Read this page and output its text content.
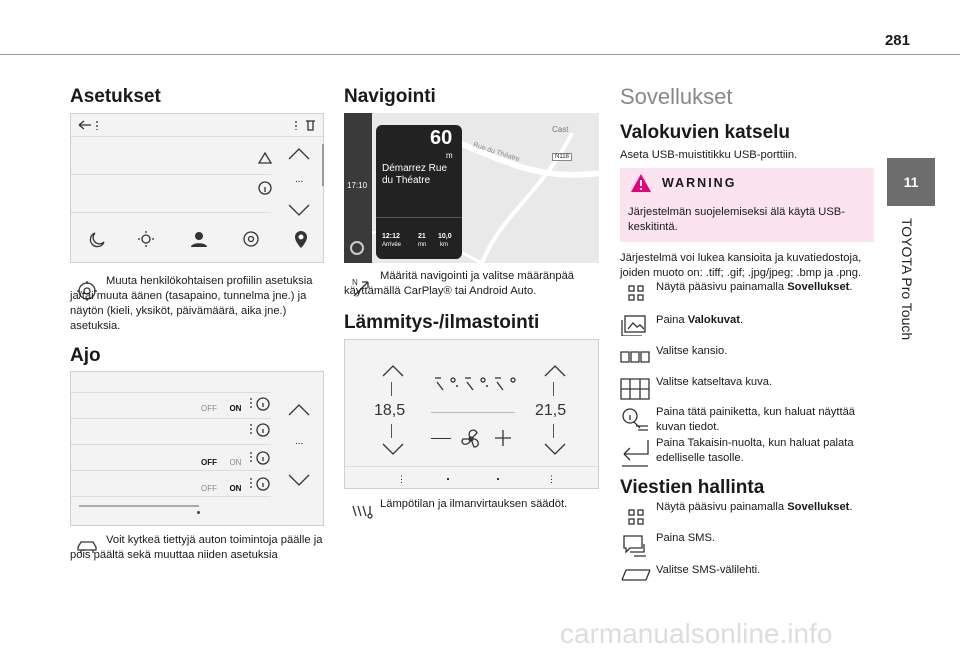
281
11
TOYOTA Pro Touch
Asetukset
...
Muuta henkilökohtaisen profiilin asetuksia ja/tai muuta äänen (tasapaino, tunnelma jne.) ja näytön (kieli, yksiköt, päivämäärä, aika jne.) asetuksia.
Ajo
OFF ON
OFF ON
OFF ON
...
Voit kytkeä tiettyjä auton toimintoja päälle ja pois päältä sekä muuttaa niiden asetuksia
Navigointi
17:10
Cast
Rue du Théatre	N118
60
m
Démarrez Rue du Théatre
12:12
Arrivée
21
mn
10,0
km
N
Määritä navigointi ja valitse määränpää käyttämällä CarPlay® tai Android Auto.
Lämmitys-/ilmastointi
18,5	21,5
⋮	⋮
Lämpötilan ja ilmanvirtauksen säädöt.
Sovellukset
Valokuvien katselu
Aseta USB-muistitikku USB-porttiin.
WARNING
Järjestelmän suojelemiseksi älä käytä USB-keskitintä.
Järjestelmä voi lukea kansioita ja kuvatiedostoja, joiden muoto on: .tiff; .gif; .jpg/jpeg; .bmp ja .png.
Näytä pääsivu painamalla Sovellukset.
Paina Valokuvat.
Valitse kansio.
Valitse katseltava kuva.
Paina tätä painiketta, kun haluat näyttää kuvan tiedot.
Paina Takaisin-nuolta, kun haluat palata edelliselle tasolle.
Viestien hallinta
Näytä pääsivu painamalla Sovellukset.
Paina SMS.
Valitse SMS-välilehti.
carmanualsonline.info
